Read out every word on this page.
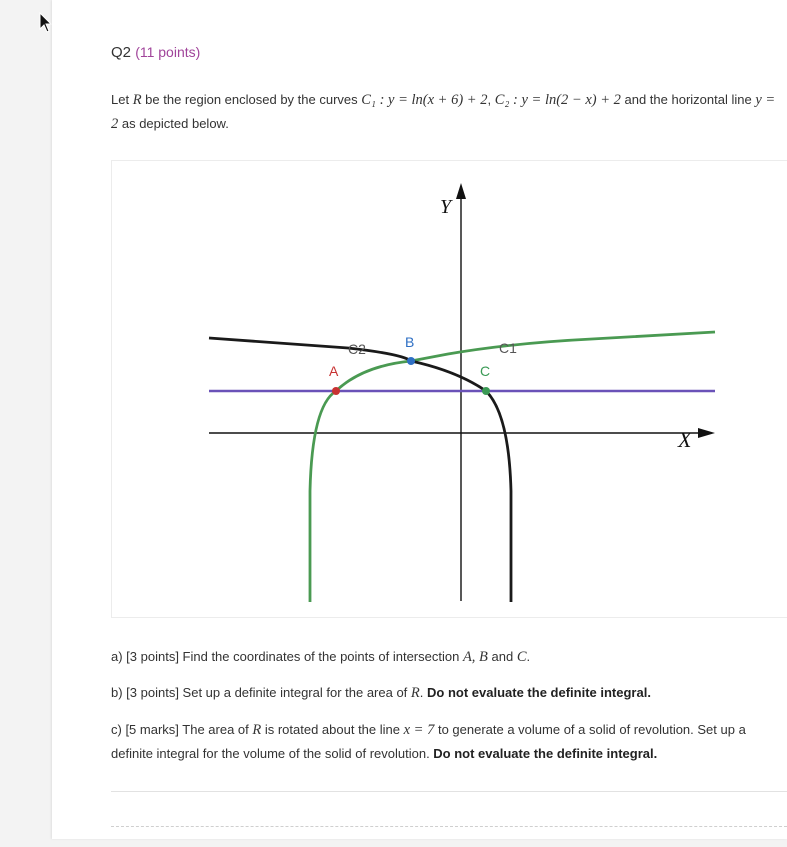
Q2 (11 points)
Let R be the region enclosed by the curves C₁ : y = ln(x + 6) + 2, C₂ : y = ln(2 − x) + 2 and the horizontal line y = 2 as depicted below.
X
Y
C2	C1
A
B
C
a) [3 points] Find the coordinates of the points of intersection A, B and C.
b) [3 points] Set up a definite integral for the area of R. Do not evaluate the definite integral.
c) [5 marks] The area of R is rotated about the line x = 7 to generate a volume of a solid of revolution. Set up a definite integral for the volume of the solid of revolution. Do not evaluate the definite integral.
